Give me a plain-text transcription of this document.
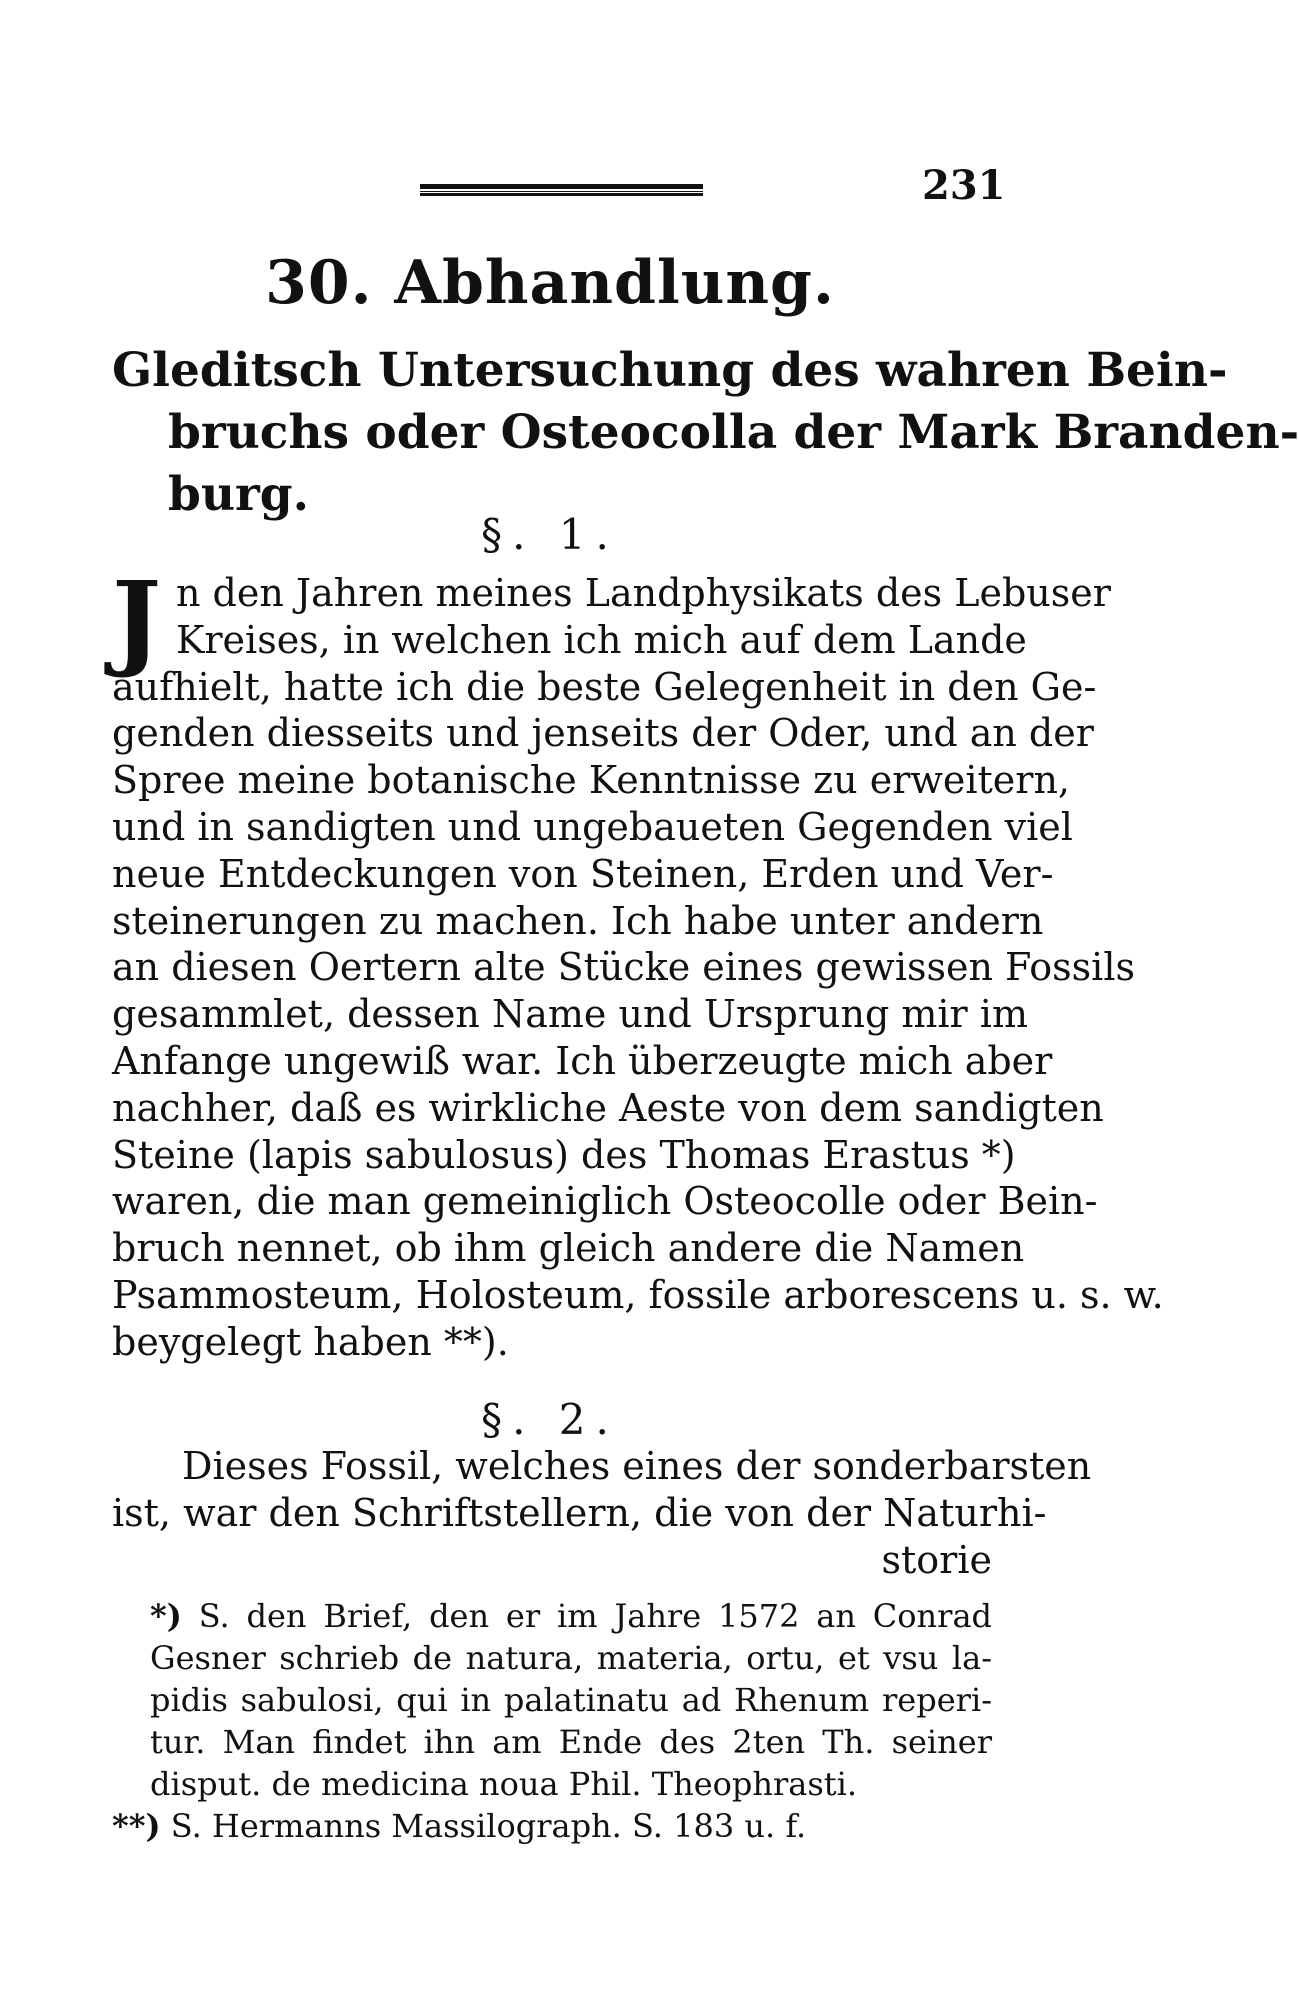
231
30. Abhandlung.
Gleditsch Untersuchung des wahren Bein-
bruchs oder Osteocolla der Mark Branden-
burg.
§. 1.
J n den Jahren meines Landphysikats des Lebuser
Kreises, in welchen ich mich auf dem Lande
aufhielt, hatte ich die beste Gelegenheit in den Ge-
genden diesseits und jenseits der Oder, und an der
Spree meine botanische Kenntnisse zu erweitern,
und in sandigten und ungebaueten Gegenden viel
neue Entdeckungen von Steinen, Erden und Ver-
steinerungen zu machen. Ich habe unter andern
an diesen Oertern alte Stücke eines gewissen Fossils
gesammlet, dessen Name und Ursprung mir im
Anfange ungewiß war. Ich überzeugte mich aber
nachher, daß es wirkliche Aeste von dem sandigten
Steine (lapis sabulosus) des Thomas Erastus *)
waren, die man gemeiniglich Osteocolle oder Bein-
bruch nennet, ob ihm gleich andere die Namen
Psammosteum, Holosteum, fossile arborescens u. s. w.
beygelegt haben **).
§. 2.
Dieses Fossil, welches eines der sonderbarsten
ist, war den Schriftstellern, die von der Naturhi-
storie
*) S. den Brief, den er im Jahre 1572 an Conrad
Gesner schrieb de natura, materia, ortu, et vsu la-
pidis sabulosi, qui in palatinatu ad Rhenum reperi-
tur. Man findet ihn am Ende des 2ten Th. seiner
disput. de medicina noua Phil. Theophrasti.
**) S. Hermanns Massilograph. S. 183 u. f.
